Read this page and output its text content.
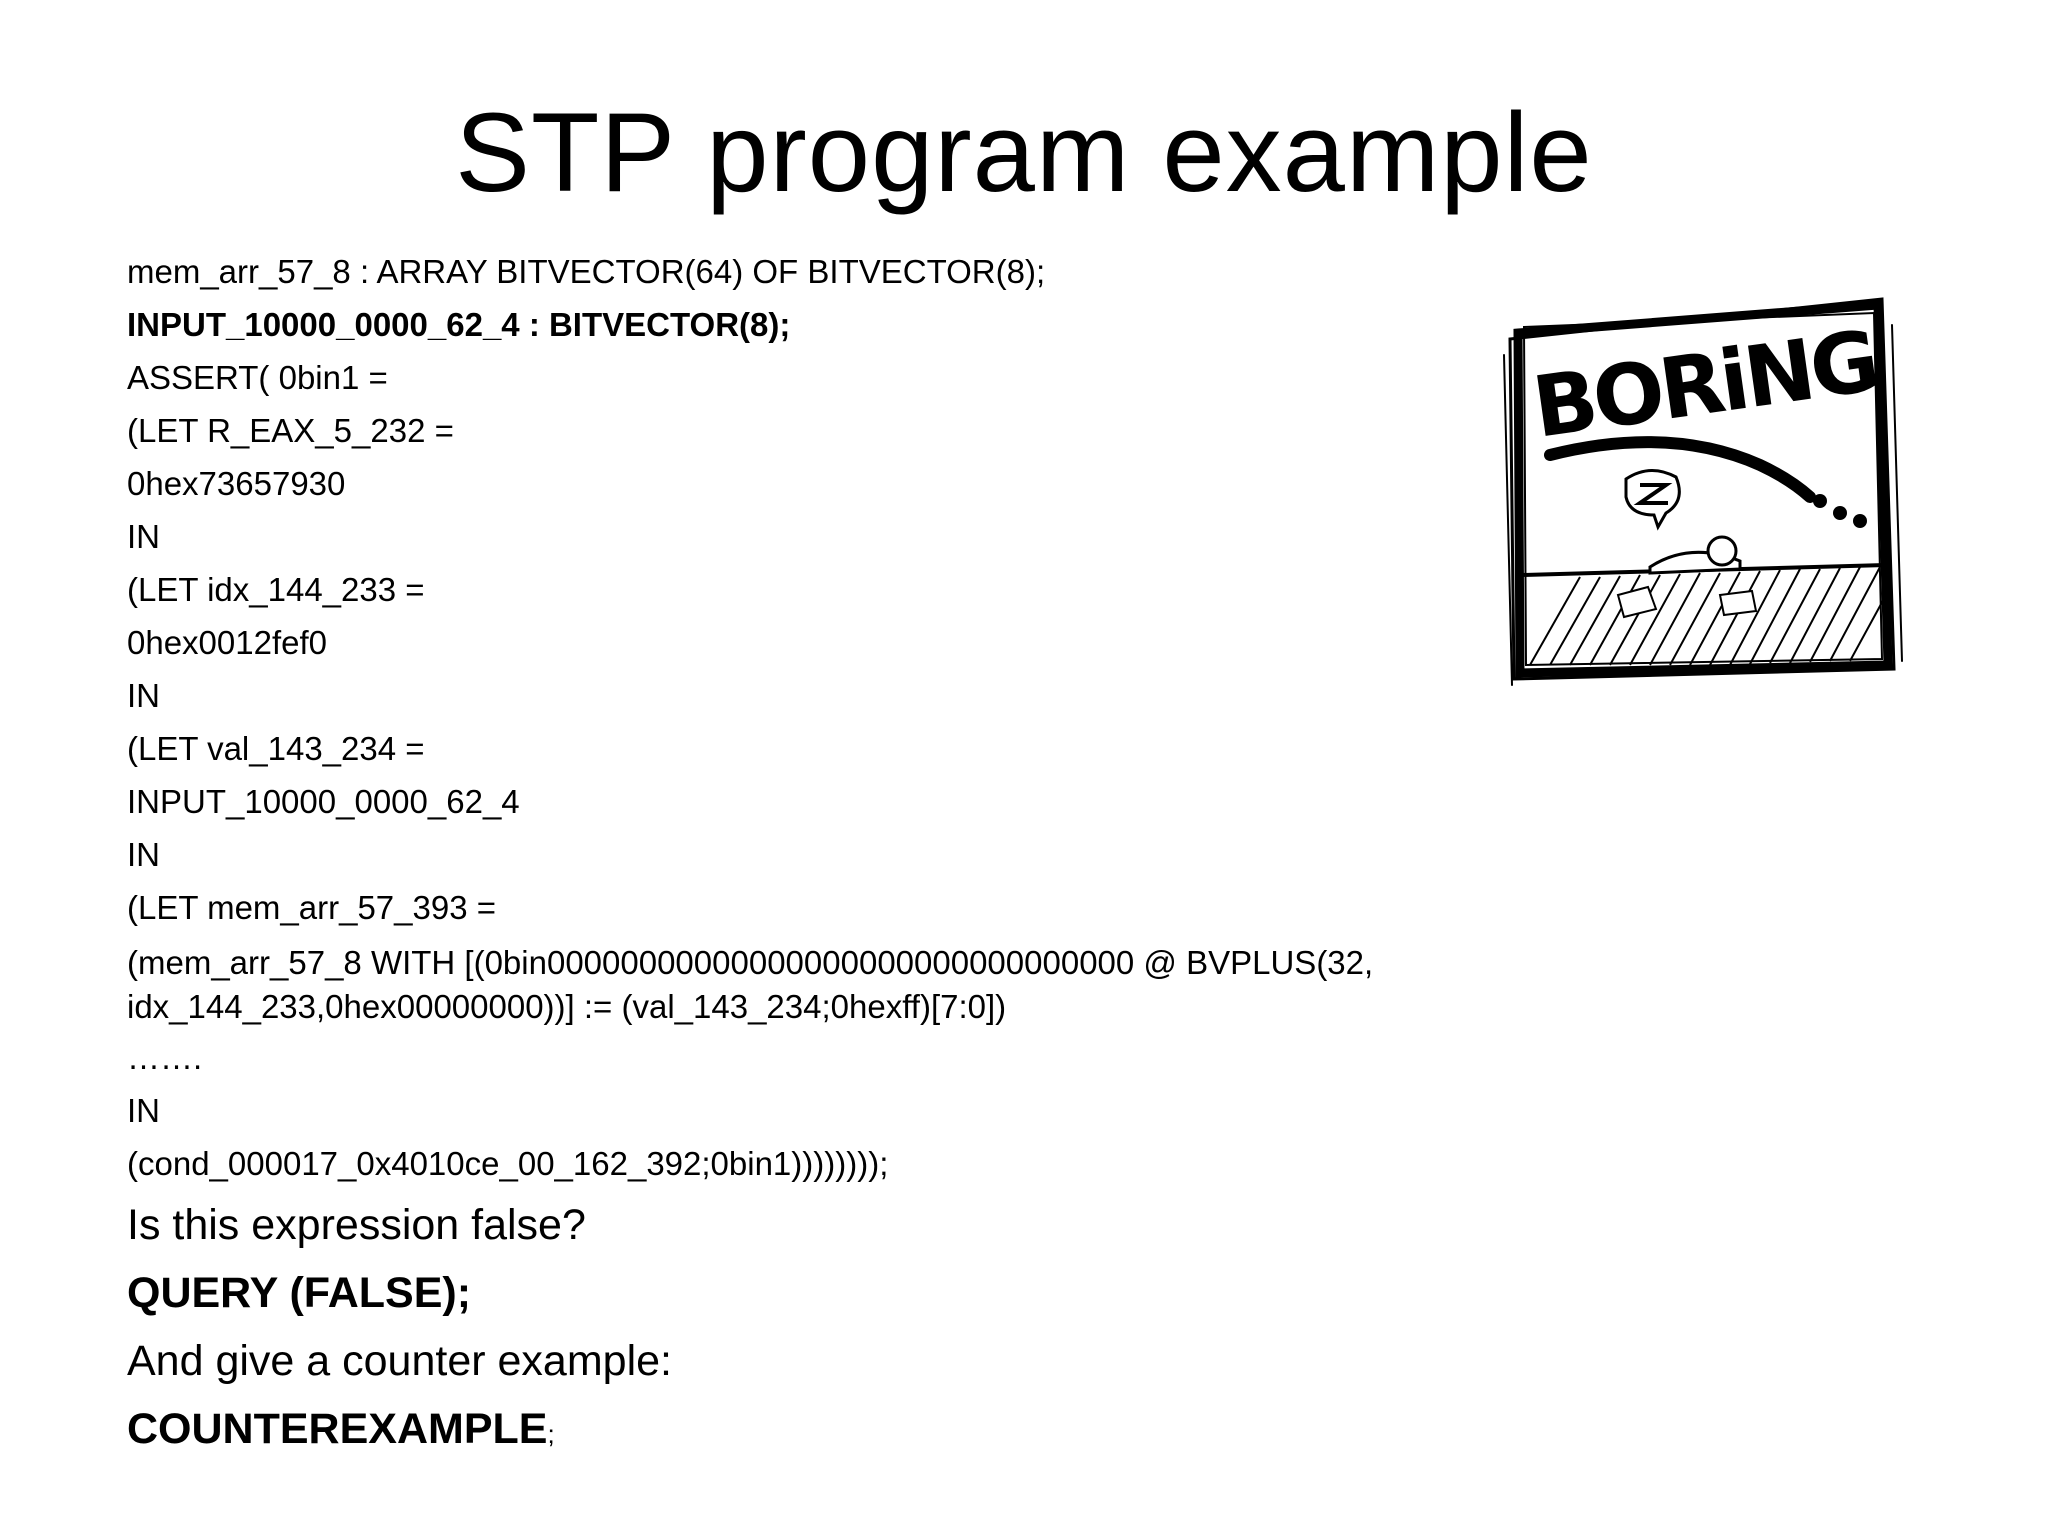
STP program example
mem_arr_57_8 : ARRAY BITVECTOR(64) OF BITVECTOR(8);
INPUT_10000_0000_62_4 : BITVECTOR(8);
ASSERT( 0bin1 =
(LET R_EAX_5_232 =
0hex73657930
IN
(LET idx_144_233 =
0hex0012fef0
IN
(LET val_143_234 =
INPUT_10000_0000_62_4
IN
(LET mem_arr_57_393 =
(mem_arr_57_8 WITH [(0bin00000000000000000000000000000000 @ BVPLUS(32, idx_144_233,0hex00000000))] := (val_143_234;0hexff)[7:0])
…….
IN
(cond_000017_0x4010ce_00_162_392;0bin1))))))));
Is this expression false?
QUERY (FALSE);
And give a counter example:
COUNTEREXAMPLE;
BORiNG
